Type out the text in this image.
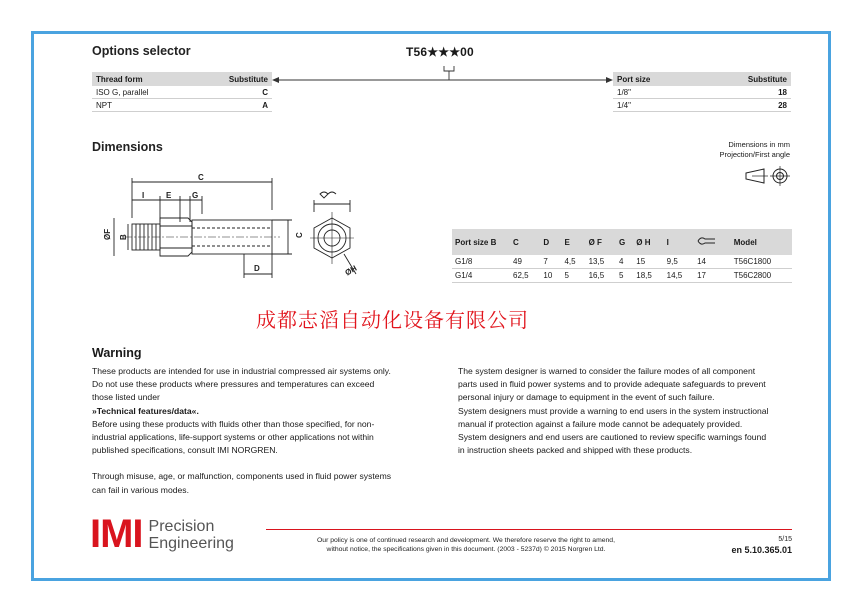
Options selector	T56★★★00
Thread form	Substitute
ISO G, parallel	C
NPT	A
Port size	Substitute
1/8"	18
1/4"	28
Dimensions	Dimensions in mm
Projection/First angle
C
I	E	G
ØF B	C
D	ØH
Port size B	C	D	E	Ø F	G	Ø H	I		Model
G1/8	49	7	4,5	13,5	4	15	9,5	14	T56C1800
G1/4	62,5	10	5	16,5	5	18,5	14,5	17	T56C2800
成都志滔自动化设备有限公司
Warning
These products are intended for use in industrial compressed air systems only. Do not use these products where pressures and temperatures can exceed those listed under
»Technical features/data«.
Before using these products with fluids other than those specified, for non-industrial applications, life-support systems or other applications not within published specifications, consult IMI NORGREN.
Through misuse, age, or malfunction, components used in fluid power systems can fail in various modes.
The system designer is warned to consider the failure modes of all component parts used in fluid power systems and to provide adequate safeguards to prevent personal injury or damage to equipment in the event of such failure.
System designers must provide a warning to end users in the system instructional manual if protection against a failure mode cannot be adequately provided.
System designers and end users are cautioned to review specific warnings found in instruction sheets packed and shipped with these products.
IMI Precision
Engineering	Our policy is one of continued research and development. We therefore reserve the right to amend,
without notice, the specifications given in this document. (2003 - 5237d) © 2015 Norgren Ltd.
5/15
en 5.10.365.01
